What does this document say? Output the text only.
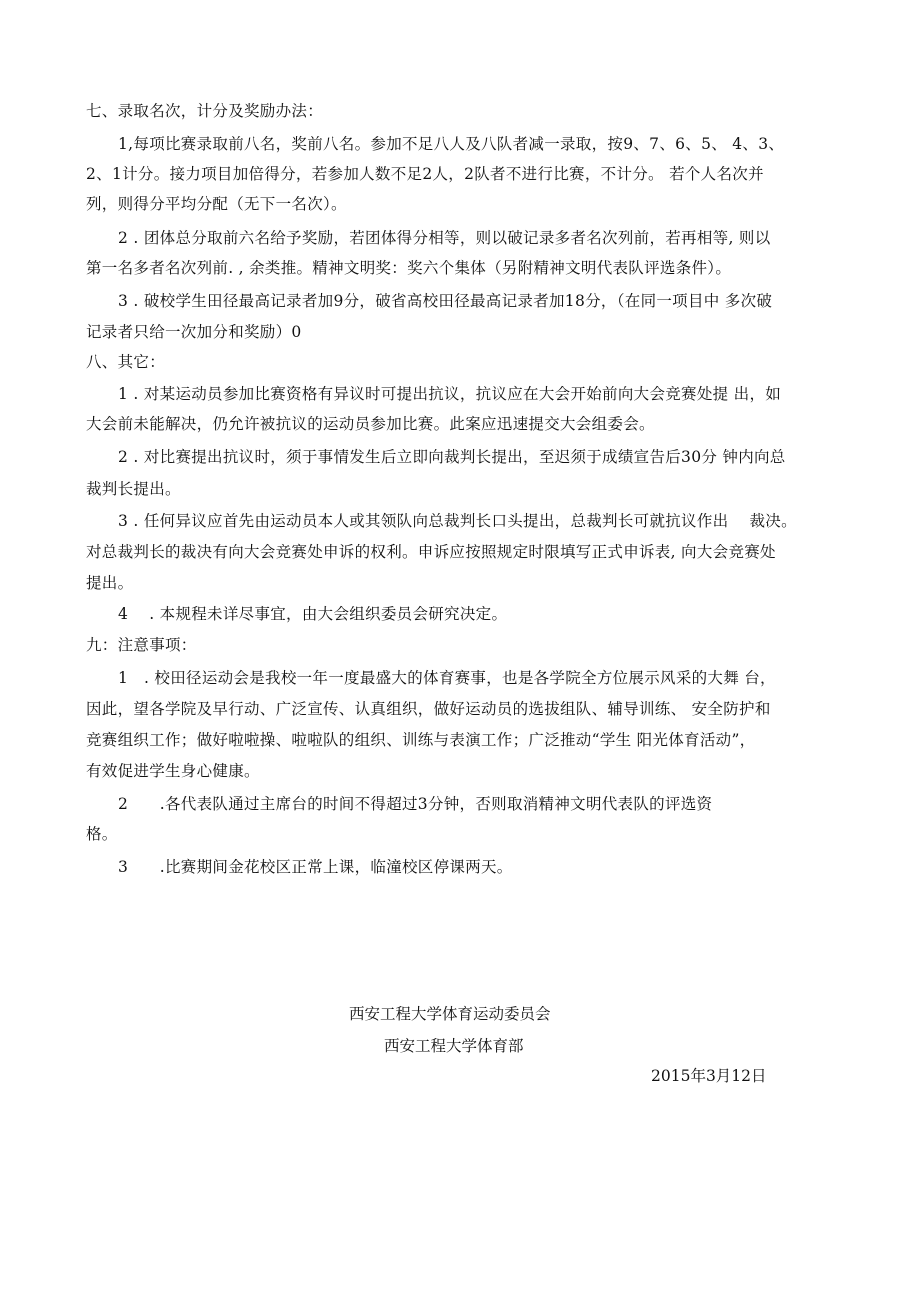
七、录取名次，计分及奖励办法：
1,每项比赛录取前八名，奖前八名。参加不足八人及八队者减一录取，按9、7、6、5、 4、3、
2、1计分。接力项目加倍得分，若参加人数不足2人，2队者不进行比赛，不计分。 若个人名次并
列，则得分平均分配（无下一名次）。
2 . 团体总分取前六名给予奖励，若团体得分相等，则以破记录多者名次列前，若再相等, 则以
第一名多者名次列前. , 余类推。精神文明奖：奖六个集体（另附精神文明代表队评选条件）。
3 . 破校学生田径最高记录者加9分，破省高校田径最高记录者加18分，（在同一项目中 多次破
记录者只给一次加分和奖励）0
八、其它：
1 . 对某运动员参加比赛资格有异议时可提出抗议，抗议应在大会开始前向大会竞赛处提 出，如
大会前未能解决，仍允许被抗议的运动员参加比赛。此案应迅速提交大会组委会。
2 . 对比赛提出抗议时，须于事情发生后立即向裁判长提出，至迟须于成绩宣告后30分 钟内向总
裁判长提出。
3 . 任何异议应首先由运动员本人或其领队向总裁判长口头提出，总裁判长可就抗议作出　 裁决。
对总裁判长的裁决有向大会竞赛处申诉的权利。申诉应按照规定时限填写正式申诉表, 向大会竞赛处
提出。
4 　. 本规程未详尽事宜，由大会组织委员会研究决定。
九：注意事项：
1　. 校田径运动会是我校一年一度最盛大的体育赛事，也是各学院全方位展示风采的大舞 台，
因此，望各学院及早行动、广泛宣传、认真组织，做好运动员的选拔组队、辅导训练、 安全防护和
竞赛组织工作；做好啦啦操、啦啦队的组织、训练与表演工作；广泛推动“学生 阳光体育活动”，
有效促进学生身心健康。
2　　.各代表队通过主席台的时间不得超过3分钟，否则取消精神文明代表队的评选资
格。
3　　.比赛期间金花校区正常上课，临潼校区停课两天。
西安工程大学体育运动委员会
西安工程大学体育部
2015年3月12日
